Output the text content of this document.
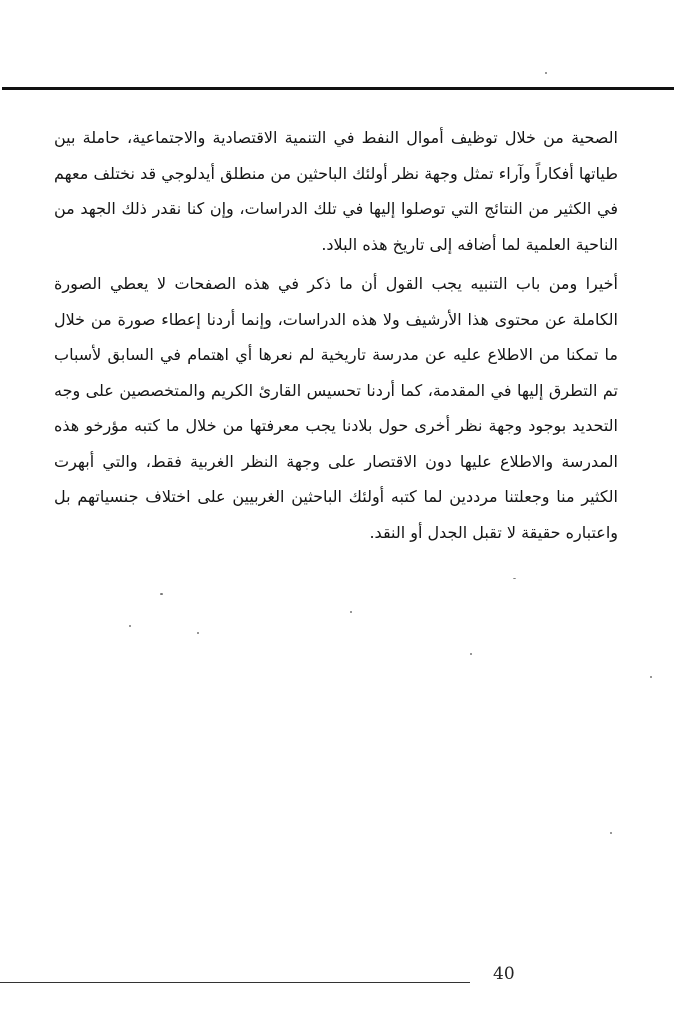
الصحية من خلال توظيف أموال النفط في التنمية الاقتصادية والاجتماعية، حاملة بين طياتها أفكاراً وآراء تمثل وجهة نظر أولئك الباحثين من منطلق أيدلوجي قد نختلف معهم في الكثير من النتائج التي توصلوا إليها في تلك الدراسات، وإن كنا نقدر ذلك الجهد من الناحية العلمية لما أضافه إلى تاريخ هذه البلاد.

أخيرا ومن باب التنبيه يجب القول أن ما ذكر في هذه الصفحات لا يعطي الصورة الكاملة عن محتوى هذا الأرشيف ولا هذه الدراسات، وإنما أردنا إعطاء صورة من خلال ما تمكنا من الاطلاع عليه عن مدرسة تاريخية لم نعرها أي اهتمام في السابق لأسباب تم التطرق إليها في المقدمة، كما أردنا تحسيس القارئ الكريم والمتخصصين على وجه التحديد بوجود وجهة نظر أخرى حول بلادنا يجب معرفتها من خلال ما كتبه مؤرخو هذه المدرسة والاطلاع عليها دون الاقتصار على وجهة النظر الغربية فقط، والتي أبهرت الكثير منا وجعلتنا مرددين لما كتبه أولئك الباحثين الغربيين على اختلاف جنسياتهم بل واعتباره حقيقة لا تقبل الجدل أو النقد.

40
